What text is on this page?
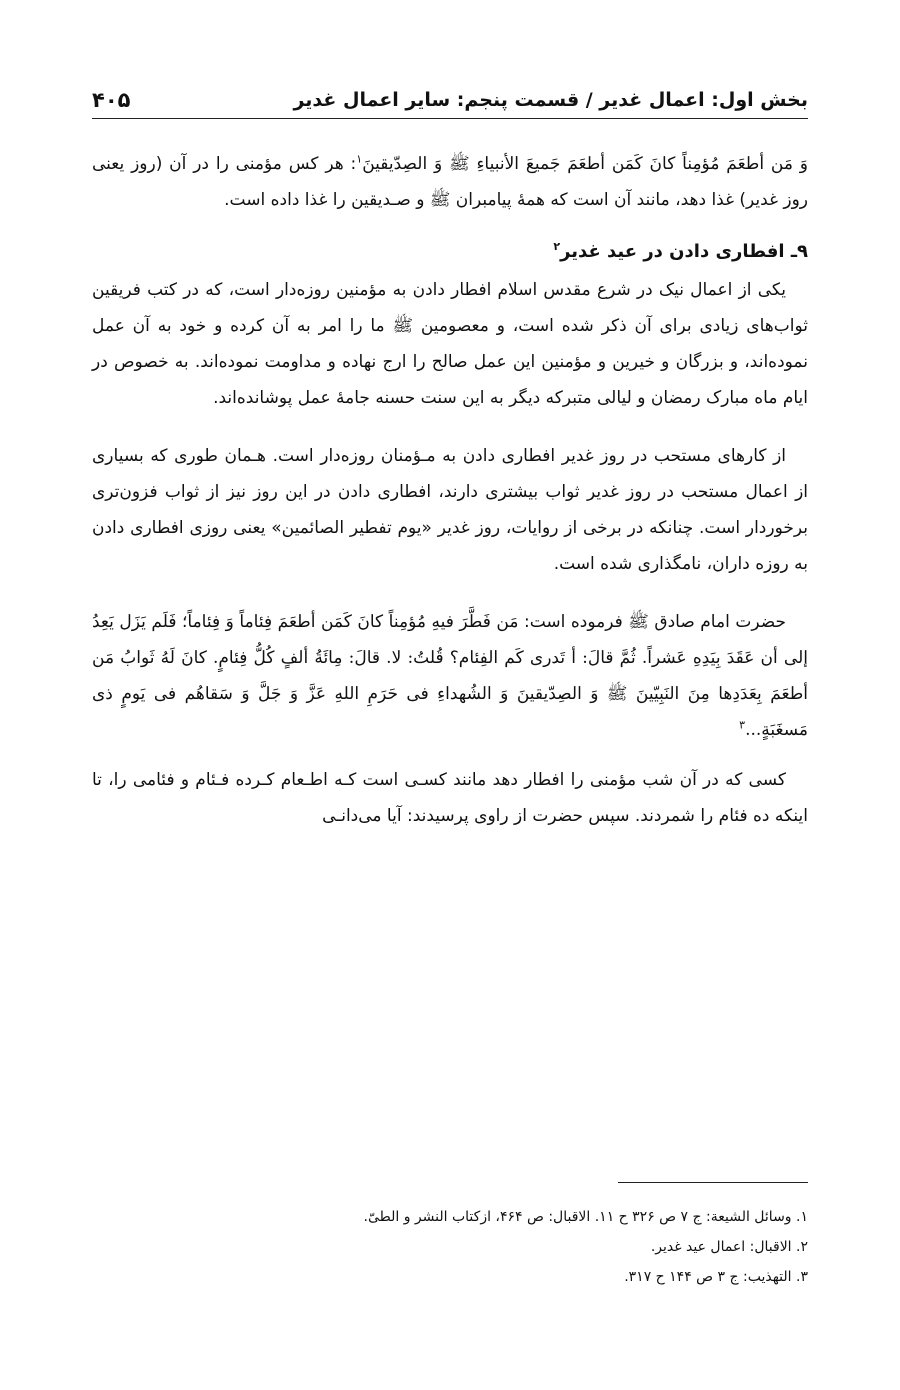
بخش اول: اعمال غدیر / قسمت پنجم: سایر اعمال غدیر
۴۰۵

وَ مَن أطعَمَ مُؤمِناً کانَ کَمَن أطعَمَ جَمیعَ الأنبیاءِ ﷺ وَ الصِدّیقینَ$^۱$: هر کس مؤمنی را در آن (روز یعنی روز غدیر) غذا دهد، مانند آن است که همهٔ پیامبران ﷺ و صـدیقین را غذا داده است.

۹ـ افطاری دادن در عید غدیر$^۲$

یکی از اعمال نیک در شرع مقدس اسلام افطار دادن به مؤمنین روزه‌دار است، که در کتب فریقین ثواب‌های زیادی برای آن ذکر شده است، و معصومین ﷺ ما را امر به آن کرده و خود به آن عمل نموده‌اند، و بزرگان و خیرین و مؤمنین این عمل صالح را ارج نهاده و مداومت نموده‌اند. به خصوص در ایام ماه مبارک رمضان و لیالی متبرکه دیگر به این سنت حسنه جامهٔ عمل پوشانده‌اند.

از کارهای مستحب در روز غدیر افطاری دادن به مـؤمنان روزه‌دار است. هـمان طوری که بسیاری از اعمال مستحب در روز غدیر ثواب بیشتری دارند، افطاری دادن در این روز نیز از ثواب فزون‌تری برخوردار است. چنانکه در برخی از روایات، روز غدیر «یوم تفطیر الصائمین» یعنی روزی افطاری دادن به روزه داران، نامگذاری شده است.

حضرت امام صادق ﷺ فرموده است: مَن فَطَّرَ فیهِ مُؤمِناً کانَ کَمَن أطعَمَ فِئاماً وَ فِئاماً؛ فَلَم یَزَل یَعِدُ إلی أن عَقَدَ بِیَدِهِ عَشراً. ثُمَّ قالَ: أ تَدری کَم الفِئام؟ قُلتُ: لا. قالَ: مِائَةُ ألفٍ کُلُّ فِئامٍ. کانَ لَهُ ثَوابُ مَن أطعَمَ بِعَدَدِها مِنَ النَبِیّینَ ﷺ وَ الصِدّیقینَ وَ الشُهداءِ فی حَرَمِ اللهِ عَزَّ وَ جَلَّ وَ سَقاهُم فی یَومٍ ذی مَسغَبَةٍ...$^۳$

کسی که در آن شب مؤمنی را افطار دهد مانند کسـی است کـه اطـعام کـرده فـئام و فئامی را، تا اینکه ده فئام را شمردند. سپس حضرت از راوی پرسیدند: آیا می‌دانـی

۱. وسائل الشیعة: ج ۷ ص ۳۲۶ ح ۱۱. الاقبال: ص ۴۶۴، ازکتاب النشر و الطیّ.

۲. الاقبال: اعمال عید غدیر.

۳. التهذیب: ج ۳ ص ۱۴۴ ح ۳۱۷.
